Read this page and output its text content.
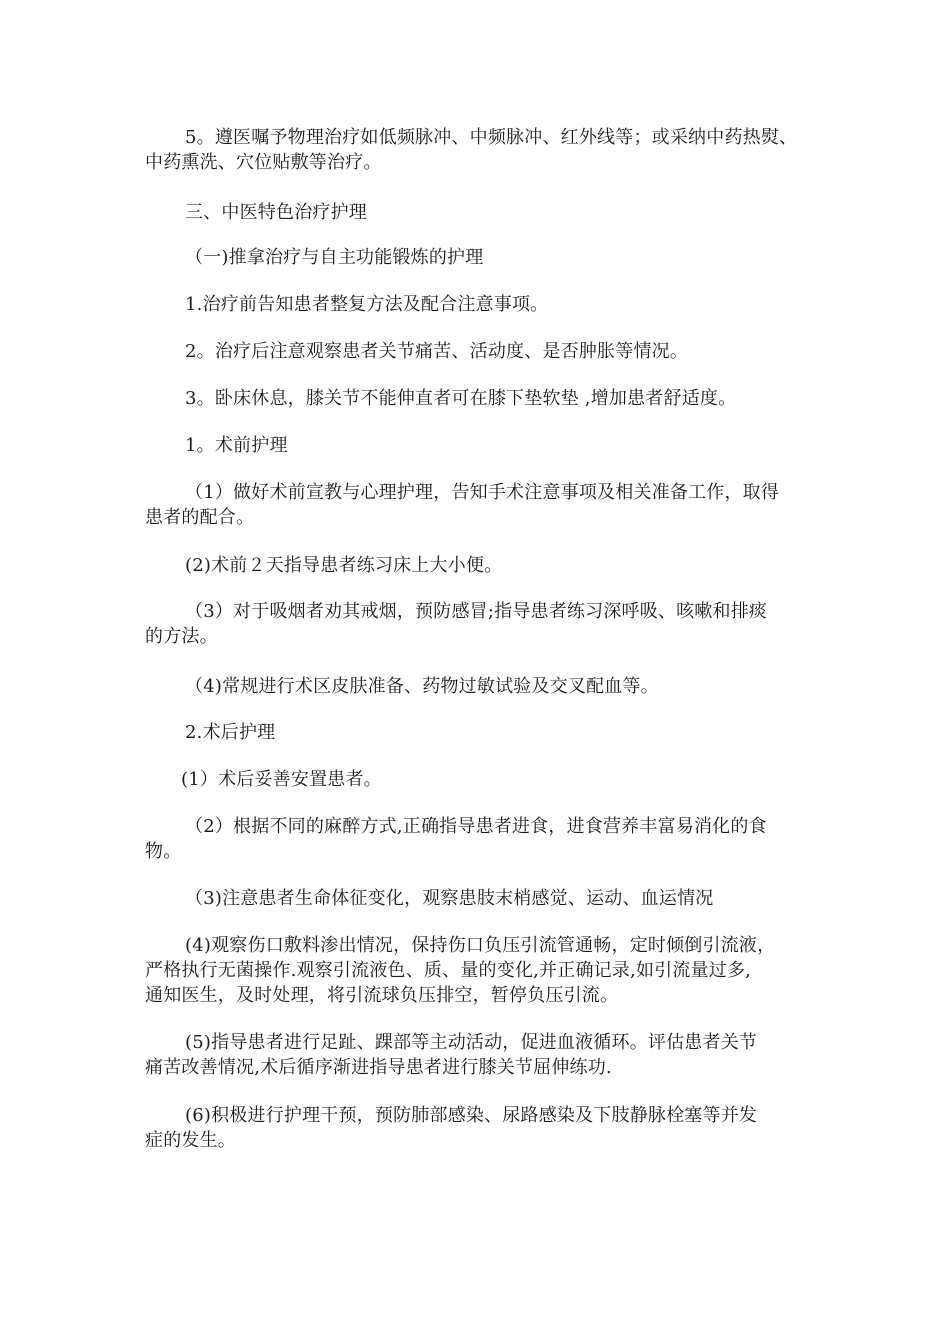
5。遵医嘱予物理治疗如低频脉冲、中频脉冲、红外线等；或采纳中药热熨、
中药熏洗、穴位贴敷等治疗。

三、中医特色治疗护理

（一)推拿治疗与自主功能锻炼的护理

1.治疗前告知患者整复方法及配合注意事项。

2。治疗后注意观察患者关节痛苦、活动度、是否肿胀等情况。

3。卧床休息，膝关节不能伸直者可在膝下垫软垫 ,增加患者舒适度。

1。术前护理

（1）做好术前宣教与心理护理，告知手术注意事项及相关准备工作，取得
患者的配合。

(2)术前２天指导患者练习床上大小便。

（3）对于吸烟者劝其戒烟，预防感冒;指导患者练习深呼吸、咳嗽和排痰
的方法。

（4)常规进行术区皮肤准备、药物过敏试验及交叉配血等。

2.术后护理

(1）术后妥善安置患者。

（2）根据不同的麻醉方式,正确指导患者进食，进食营养丰富易消化的食
物。

（3)注意患者生命体征变化，观察患肢末梢感觉、运动、血运情况

(4)观察伤口敷料渗出情况，保持伤口负压引流管通畅，定时倾倒引流液，
严格执行无菌操作.观察引流液色、质、量的变化,并正确记录,如引流量过多,
通知医生，及时处理，将引流球负压排空，暂停负压引流。

(5)指导患者进行足趾、踝部等主动活动，促进血液循环。评估患者关节
痛苦改善情况,术后循序渐进指导患者进行膝关节屈伸练功.

(6)积极进行护理干预，预防肺部感染、尿路感染及下肢静脉栓塞等并发
症的发生。
